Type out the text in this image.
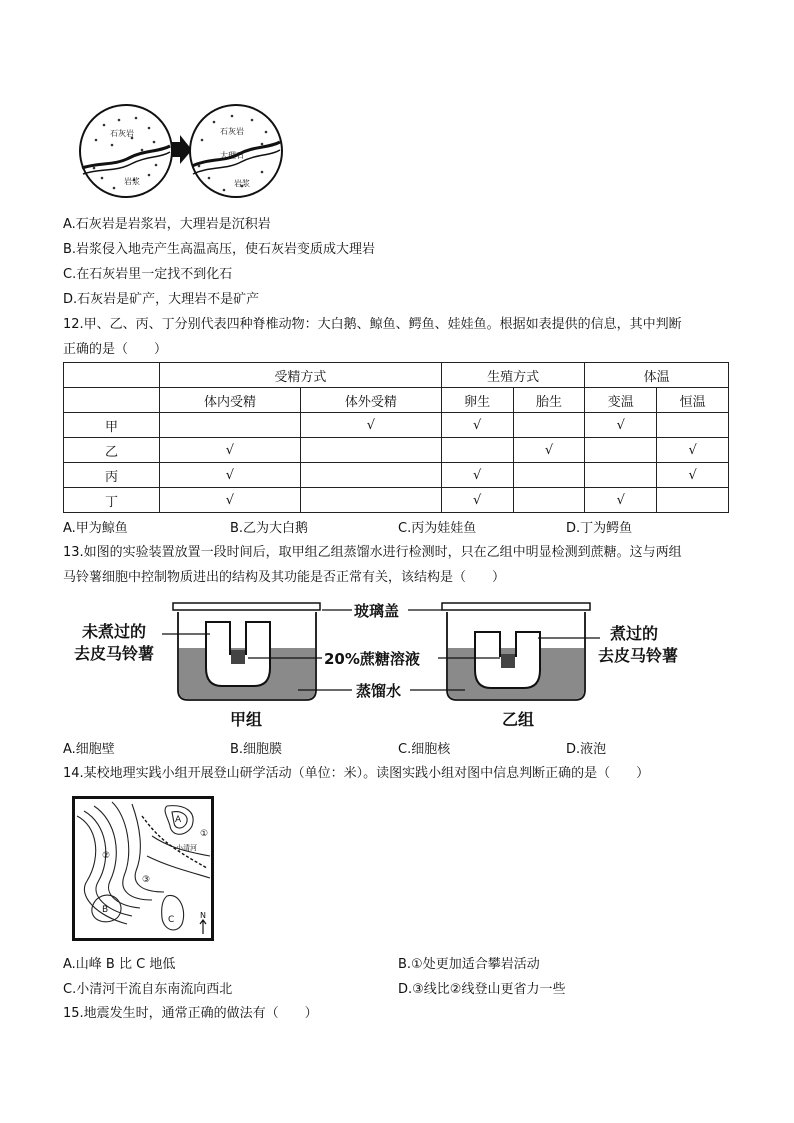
石灰岩
岩浆
石灰岩
大理石
岩浆
A.石灰岩是岩浆岩，大理岩是沉积岩
B.岩浆侵入地壳产生高温高压，使石灰岩变质成大理岩
C.在石灰岩里一定找不到化石
D.石灰岩是矿产，大理岩不是矿产
12.甲、乙、丙、丁分别代表四种脊椎动物：大白鹅、鲸鱼、鳄鱼、娃娃鱼。根据如表提供的信息，其中判断
正确的是（　　）
	受精方式		生殖方式		体温	
	体内受精	体外受精	卵生	胎生	变温	恒温
甲		√	√		√	
乙	√			√		√
丙	√		√			√
丁	√		√		√	
A.甲为鲸鱼	B.乙为大白鹅	C.丙为娃娃鱼	D.丁为鳄鱼
13.如图的实验装置放置一段时间后，取甲组乙组蒸馏水进行检测时，只在乙组中明显检测到蔗糖。这与两组
马铃薯细胞中控制物质进出的结构及其功能是否正常有关，该结构是（　　）
未煮过的
去皮马铃薯
煮过的
去皮马铃薯
玻璃盖
20%蔗糖溶液
蒸馏水
甲组	乙组
A.细胞壁	B.细胞膜	C.细胞核	D.液泡
14.某校地理实践小组开展登山研学活动（单位：米）。读图实践小组对图中信息判断正确的是（　　）
A
B
C
①
②
③
小清河
N
A.山峰 B 比 C 地低	B.①处更加适合攀岩活动
C.小清河干流自东南流向西北	D.③线比②线登山更省力一些
15.地震发生时，通常正确的做法有（　　）
